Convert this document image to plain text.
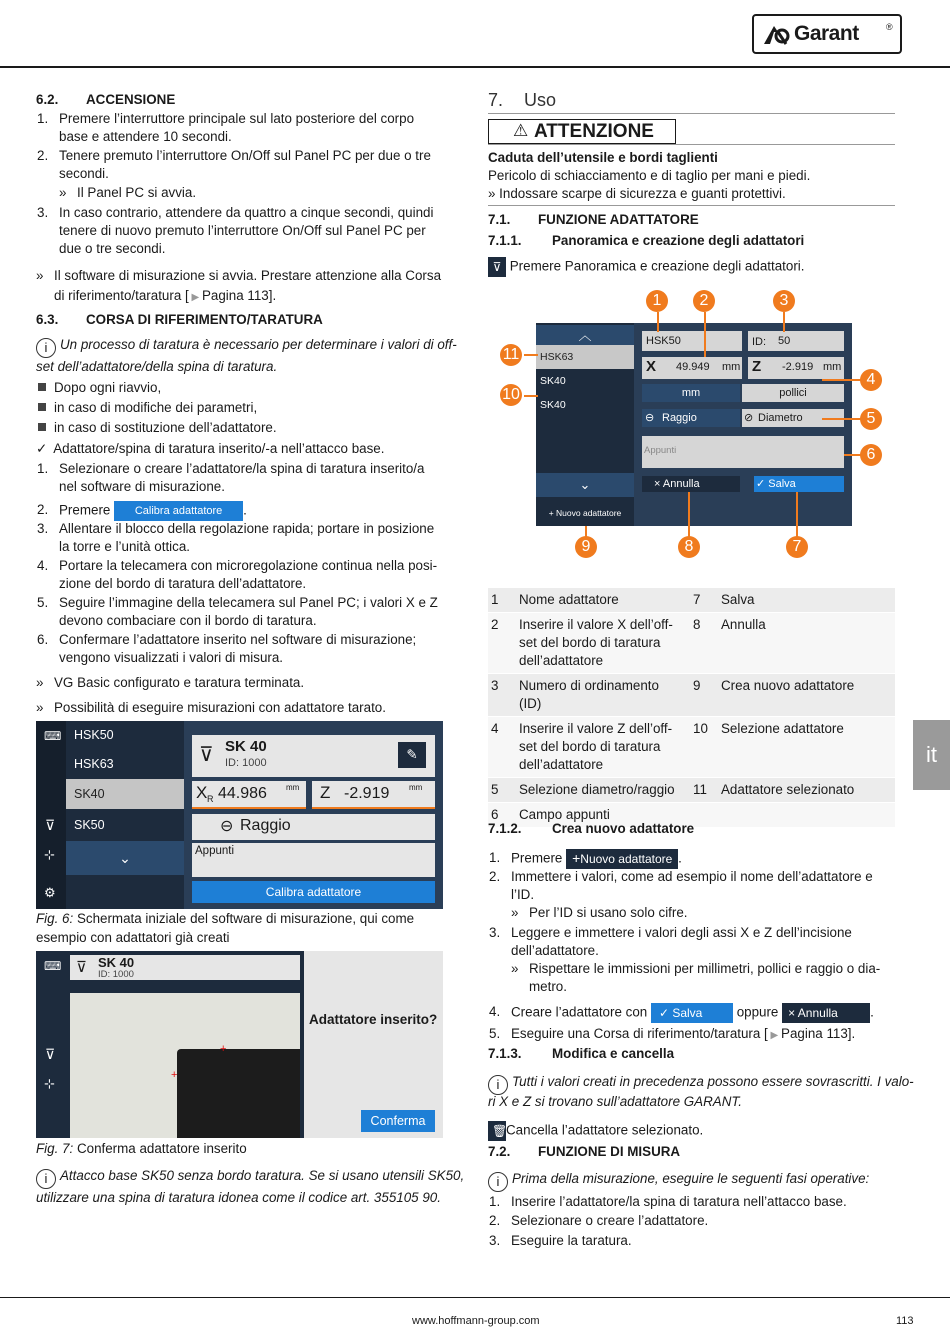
Garant	®
6.2. ACCENSIONE
1. Premere l’interruttore principale sul lato posteriore del corpo
base e attendere 10 secondi.
2. Tenere premuto l’interruttore On/Off sul Panel PC per due o tre
secondi.
» Il Panel PC si avvia.
3. In caso contrario, attendere da quattro a cinque secondi, quindi
tenere di nuovo premuto l’interruttore On/Off sul Panel PC per
due o tre secondi.
» Il software di misurazione si avvia. Prestare attenzione alla Corsa
di riferimento/taratura [ ▶ Pagina 113].
6.3. CORSA DI RIFERIMENTO/TARATURA
i Un processo di taratura è necessario per determinare i valori di off-
set dell’adattatore/della spina di taratura.
Dopo ogni riavvio,
in caso di modifiche dei parametri,
in caso di sostituzione dell’adattatore.
✓ Adattatore/spina di taratura inserito/-a nell’attacco base.
1. Selezionare o creare l’adattatore/la spina di taratura inserito/a
nel software di misurazione.
2. Premere Calibra adattatore .
3. Allentare il blocco della regolazione rapida; portare in posizione
la torre e l’unità ottica.
4. Portare la telecamera con microregolazione continua nella posi-
zione del bordo di taratura dell’adattatore.
5. Seguire l’immagine della telecamera sul Panel PC; i valori X e Z
devono combaciare con il bordo di taratura.
6. Confermare l’adattatore inserito nel software di misurazione;
vengono visualizzati i valori di misura.
» VG Basic configurato e taratura terminata.
» Possibilità di eseguire misurazioni con adattatore tarato.
⌨
⊽
⊹
⚙
HSK50
HSK63
SK40
SK50
⌄
⊽ SK 40
ID: 1000
✎
X R 44.986 mm Z -2.919 mm
⊖ Raggio
Appunti
Calibra adattatore
Fig. 6: Schermata iniziale del software di misurazione, qui come
esempio con adattatori già creati
⌨
⊽
⊹
⊽ SK 40
ID: 1000
+
+
Adattatore inserito?
Conferma
Fig. 7: Conferma adattatore inserito
i Attacco base SK50 senza bordo taratura. Se si usano utensili SK50,
utilizzare una spina di taratura idonea come il codice art. 355105 90.
7. Uso
⚠ ATTENZIONE
Caduta dell’utensile e bordi taglienti
Pericolo di schiacciamento e di taglio per mani e piedi.
» Indossare scarpe di sicurezza e guanti protettivi.
7.1. FUNZIONE ADATTATORE
7.1.1. Panoramica e creazione degli adattatori
⊽ Premere Panoramica e creazione degli adattatori.
︿
HSK63
SK40
SK40
⌄
+ Nuovo adattatore
HSK50	ID: 50
X 49.949 mm Z -2.919 mm
mm	pollici
⊖ Raggio	⊘ Diametro
Appunti
× Annulla	✓ Salva
1	2	3
4
5
6
7
8
9
10
11
1	Nome adattatore	7	Salva
2	Inserire il valore X dell’off-
set del bordo di taratura
dell’adattatore	8	Annulla
3	Numero di ordinamento
(ID)	9	Crea nuovo adattatore
4	Inserire il valore Z dell’off-
set del bordo di taratura
dell’adattatore	10	Selezione adattatore
5	Selezione diametro/raggio	11	Adattatore selezionato
6	Campo appunti		
7.1.2. Crea nuovo adattatore
1. Premere +Nuovo adattatore .
2. Immettere i valori, come ad esempio il nome dell’adattatore e
l’ID.
» Per l’ID si usano solo cifre.
3. Leggere e immettere i valori degli assi X e Z dell’incisione
dell’adattatore.
» Rispettare le immissioni per millimetri, pollici e raggio o dia-
metro.
4. Creare l’adattatore con ✓ Salva	oppure × Annulla .
5. Eseguire una Corsa di riferimento/taratura [ ▶ Pagina 113].
7.1.3. Modifica e cancella
i Tutti i valori creati in precedenza possono essere sovrascritti. I valo-
ri X e Z si trovano sull’adattatore GARANT.
🗑Cancella l’adattatore selezionato.
7.2. FUNZIONE DI MISURA
i Prima della misurazione, eseguire le seguenti fasi operative:
1. Inserire l’adattatore/la spina di taratura nell’attacco base.
2. Selezionare o creare l’adattatore.
3. Eseguire la taratura.
it
www.hoffmann-group.com	113
